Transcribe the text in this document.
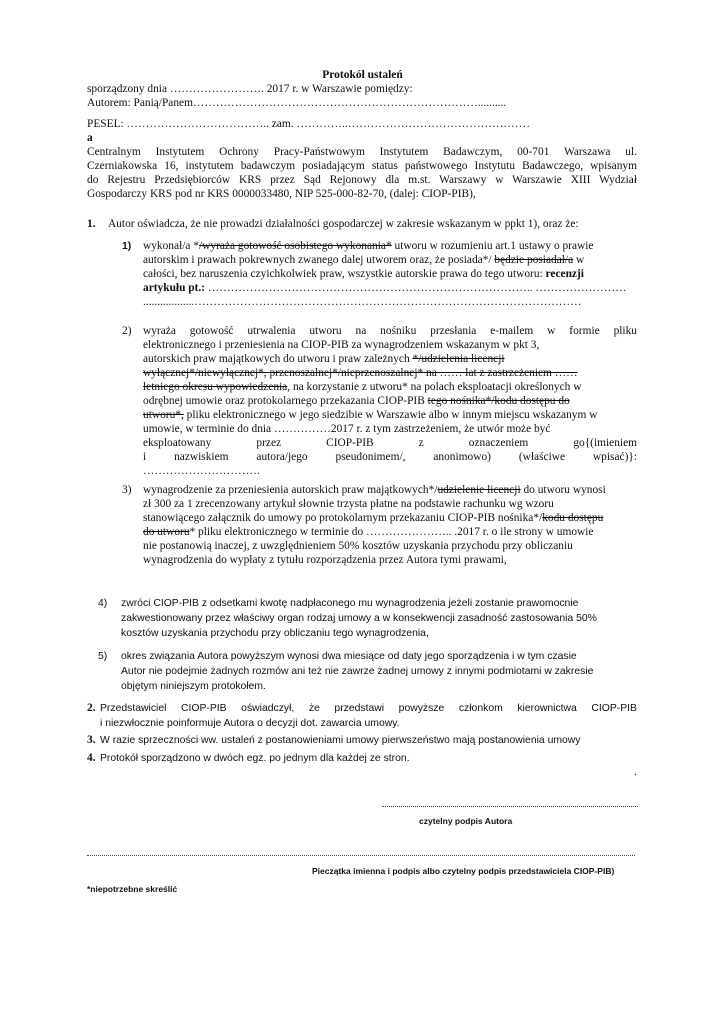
Protokół ustaleń
sporządzony dnia ……………………. 2017 r. w Warszawie pomiędzy:
Autorem: Panią/Panem…………………………………………………………………..........
PESEL: ……………………………….. zam. …………..…………………………………………
a
Centralnym Instytutem Ochrony Pracy-Państwowym Instytutem Badawczym, 00-701 Warszawa ul.
Czerniakowska 16, instytutem badawczym posiadającym status państwowego Instytutu Badawczego, wpisanym
do Rejestru Przedsiębiorców KRS przez Sąd Rejonowy dla m.st. Warszawy w Warszawie XIII Wydział
Gospodarczy KRS pod nr KRS 0000033480, NIP 525-000-82-70, (dalej: CIOP-PIB),
1. Autor oświadcza, że nie prowadzi działalności gospodarczej w zakresie wskazanym w ppkt 1), oraz że:
1) wykonał/a */wyraża gotowość osobistego wykonania* utworu w rozumieniu art.1 ustawy o prawie
autorskim i prawach pokrewnych zwanego dalej utworem oraz, że posiada*/ będzie posiadał/a w
całości, bez naruszenia czyichkolwiek praw, wszystkie autorskie prawa do tego utworu: recenzji
artykułu pt.: ………………………………………………………………………….. ……………………
..................…………………………………………………………………………………………
2) wyraża gotowość utrwalenia utworu na nośniku przesłania e-mailem w formie pliku
elektronicznego i przeniesienia na CIOP-PIB za wynagrodzeniem wskazanym w pkt 3,
autorskich praw majątkowych do utworu i praw zależnych */udzielenia licencji
wyłącznej*/niewyłącznej*, przenoszalnej*/nieprzenoszalnej* na …… lat z zastrzeżeniem ……
letniego okresu wypowiedzenia, na korzystanie z utworu* na polach eksploatacji określonych w
odrębnej umowie oraz protokolarnego przekazania CIOP-PIB tego nośnika*/kodu dostępu do
utworu*, pliku elektronicznego w jego siedzibie w Warszawie albo w innym miejscu wskazanym w
umowie, w terminie do dnia ……………2017 r. z tym zastrzeżeniem, że utwór może być
eksploatowany przez CIOP-PIB z oznaczeniem go{(imieniem
i nazwiskiem autora/jego pseudonimem/, anonimowo) (właściwe wpisać)}:
………………………….
3) wynagrodzenie za przeniesienia autorskich praw majątkowych*/udzielenie licencji do utworu wynosi
zł 300 za 1 zrecenzowany artykuł słownie trzysta płatne na podstawie rachunku wg wzoru
stanowiącego załącznik do umowy po protokolarnym przekazaniu CIOP-PIB nośnika*/kodu dostępu
do utworu* pliku elektronicznego w terminie do ………………….. .2017 r. o ile strony w umowie
nie postanowią inaczej, z uwzględnieniem 50% kosztów uzyskania przychodu przy obliczaniu
wynagrodzenia do wypłaty z tytułu rozporządzenia przez Autora tymi prawami,
4) zwróci CIOP-PIB z odsetkami kwotę nadpłaconego mu wynagrodzenia jeżeli zostanie prawomocnie
zakwestionowany przez właściwy organ rodzaj umowy a w konsekwencji zasadność zastosowania 50%
kosztów uzyskania przychodu przy obliczaniu tego wynagrodzenia,
5) okres związania Autora powyższym wynosi dwa miesiące od daty jego sporządzenia i w tym czasie
Autor nie podejmie żadnych rozmów ani też nie zawrze żadnej umowy z innymi podmiotami w zakresie
objętym niniejszym protokołem.
2. Przedstawiciel CIOP-PIB oświadczył, że przedstawi powyższe członkom kierownictwa CIOP-PIB
i niezwłocznie poinformuje Autora o decyzji dot. zawarcia umowy.
3. W razie sprzeczności ww. ustaleń z postanowieniami umowy pierwszeństwo mają postanowienia umowy
4. Protokół sporządzono w dwóch egz. po jednym dla każdej ze stron.
.
czytelny podpis Autora
Pieczątka imienna i podpis albo czytelny podpis przedstawiciela CIOP-PIB)
*niepotrzebne skreślić
